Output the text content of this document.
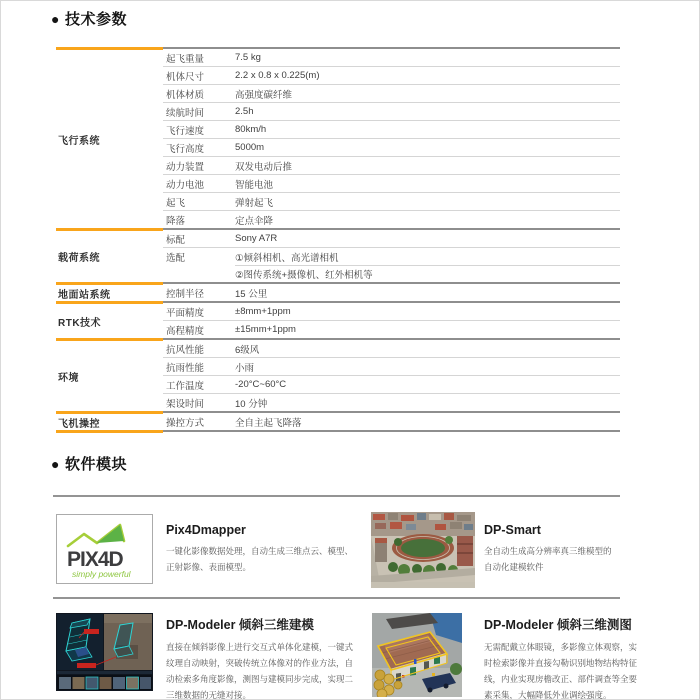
● 技术参数
飞行系统
起飞重量	7.5 kg
机体尺寸	2.2 x 0.8 x 0.225(m)
机体材质	高强度碳纤维
续航时间	2.5h
飞行速度	80km/h
飞行高度	5000m
动力装置	双发电动后推
动力电池	智能电池
起飞	弹射起飞
降落	定点伞降
载荷系统
标配	Sony A7R
选配	①倾斜相机、高光谱相机
②图传系统+摄像机、红外相机等
地面站系统	控制半径	15 公里
RTK技术
平面精度	±8mm+1ppm
高程精度	±15mm+1ppm
环境
抗风性能	6级风
抗雨性能	小雨
工作温度	-20°C~60°C
架设时间	10 分钟
飞机操控	操控方式	全自主起飞降落
● 软件模块
PIX4D
simply powerful
Pix4Dmapper
一键化影像数据处理，自动生成三维点云、模型、正射影像、表面模型。
DP-Smart
全自动生成高分辨率真三维模型的自动化建模软件
DP-Modeler 倾斜三维建模
直接在倾斜影像上进行交互式单体化建模，一键式纹理自动映射，突破传统立体像对的作业方法，自动检索多角度影像，测图与建模同步完成，实现二三维数据的无缝对接。
DP-Modeler 倾斜三维测图
无需配戴立体眼镜，多影像立体观察，实时检索影像并直接勾勒识别地物结构特征线，内业实现房檐改正、部件调查等全要素采集，大幅降低外业调绘强度。
